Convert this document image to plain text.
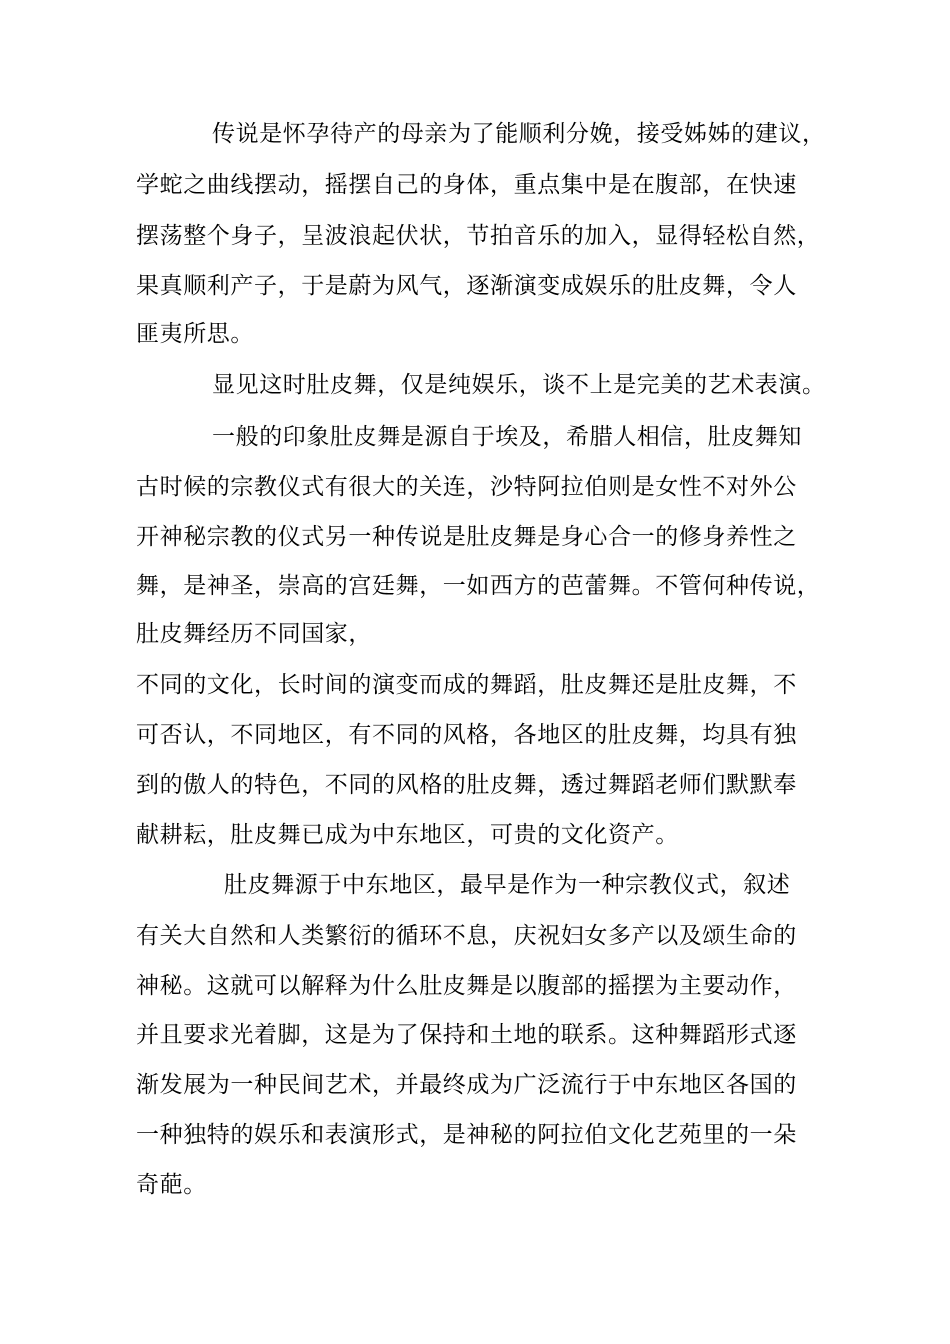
传说是怀孕待产的母亲为了能顺利分娩，接受姊姊的建议，
学蛇之曲线摆动，摇摆自己的身体，重点集中是在腹部，在快速
摆荡整个身子，呈波浪起伏状，节拍音乐的加入，显得轻松自然，
果真顺利产子，于是蔚为风气，逐渐演变成娱乐的肚皮舞，令人
匪夷所思。
显见这时肚皮舞，仅是纯娱乐，谈不上是完美的艺术表演。
一般的印象肚皮舞是源自于埃及，希腊人相信，肚皮舞知
古时候的宗教仪式有很大的关连，沙特阿拉伯则是女性不对外公
开神秘宗教的仪式另一种传说是肚皮舞是身心合一的修身养性之
舞，是神圣，崇高的宫廷舞，一如西方的芭蕾舞。不管何种传说，
肚皮舞经历不同国家，
不同的文化，长时间的演变而成的舞蹈，肚皮舞还是肚皮舞，不
可否认，不同地区，有不同的风格，各地区的肚皮舞，均具有独
到的傲人的特色，不同的风格的肚皮舞，透过舞蹈老师们默默奉
献耕耘，肚皮舞已成为中东地区，可贵的文化资产。
肚皮舞源于中东地区，最早是作为一种宗教仪式，叙述
有关大自然和人类繁衍的循环不息，庆祝妇女多产以及颂生命的
神秘。这就可以解释为什么肚皮舞是以腹部的摇摆为主要动作，
并且要求光着脚，这是为了保持和土地的联系。这种舞蹈形式逐
渐发展为一种民间艺术，并最终成为广泛流行于中东地区各国的
一种独特的娱乐和表演形式，是神秘的阿拉伯文化艺苑里的一朵
奇葩。
